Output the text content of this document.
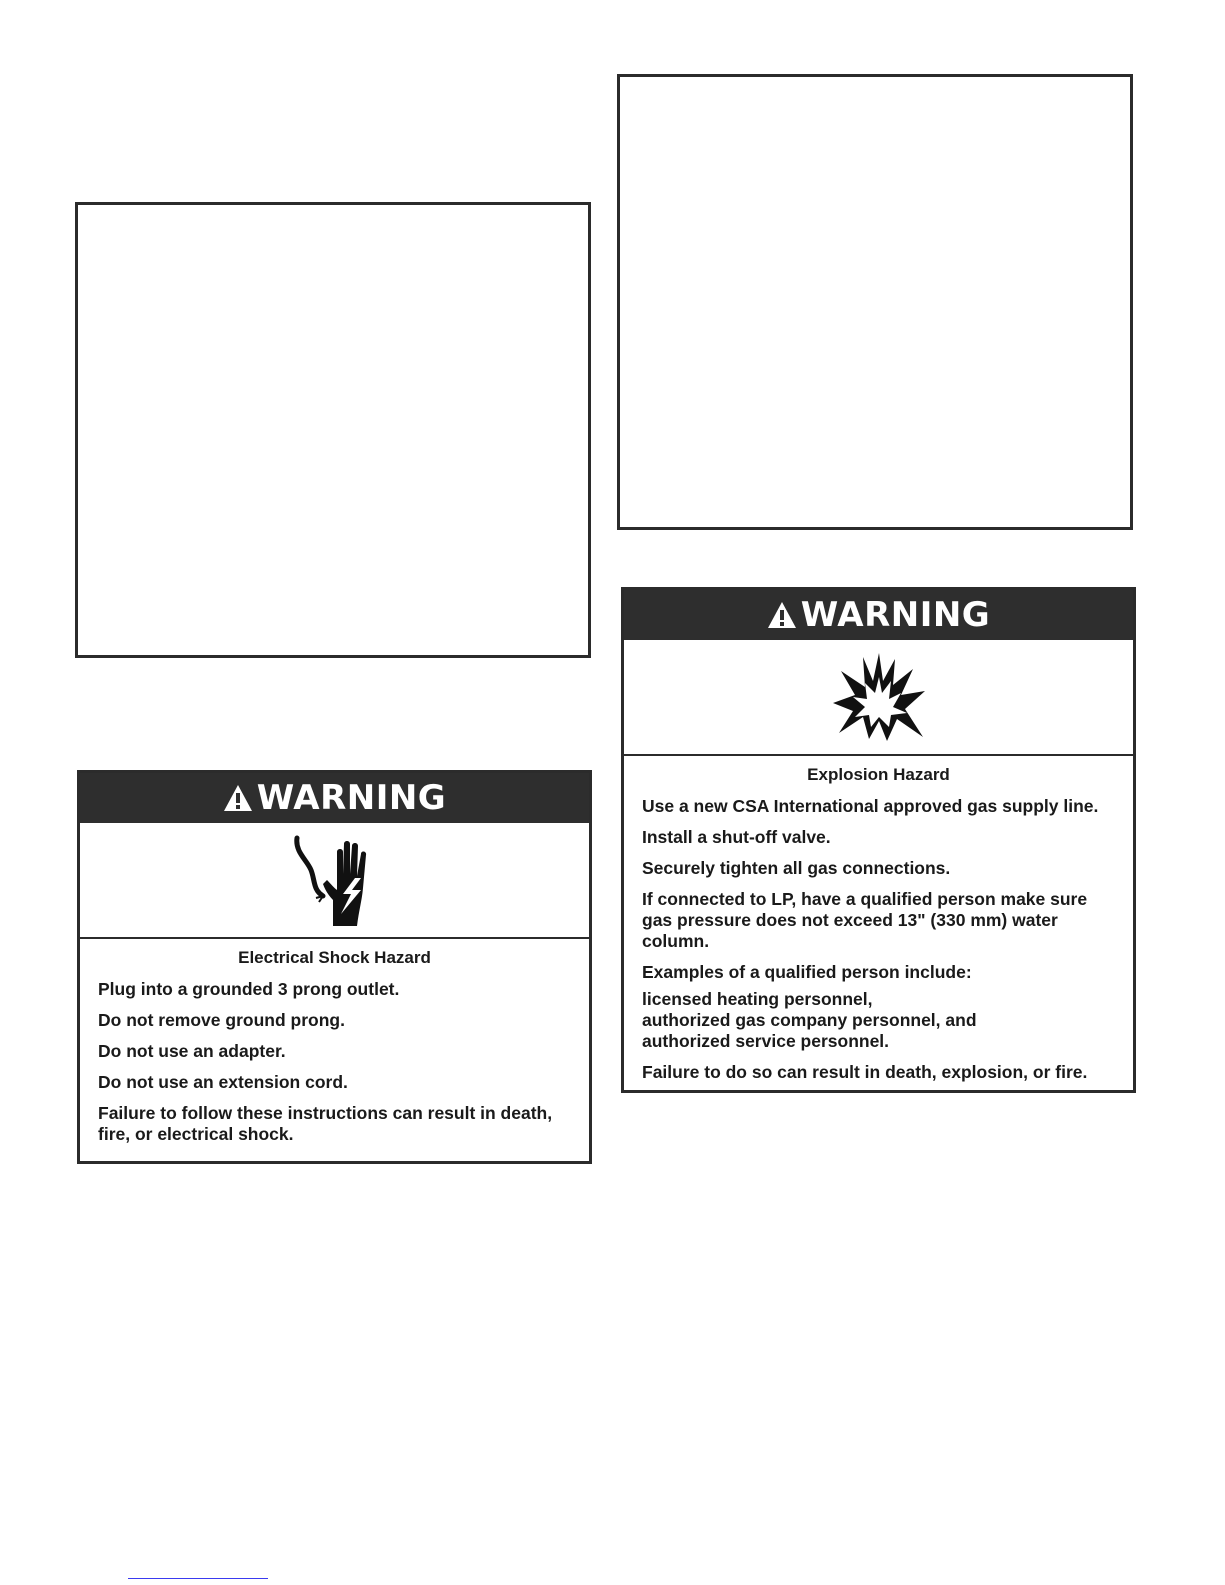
WARNING
Electrical Shock Hazard

Plug into a grounded 3 prong outlet.

Do not remove ground prong.

Do not use an adapter.

Do not use an extension cord.

Failure to follow these instructions can result in death,
fire, or electrical shock.

WARNING
Explosion Hazard

Use a new CSA International approved gas supply line.

Install a shut-off valve.

Securely tighten all gas connections.

If connected to LP, have a qualified person make sure
gas pressure does not exceed 13" (330 mm) water
column.

Examples of a qualified person include:

licensed heating personnel,
authorized gas company personnel, and
authorized service personnel.

Failure to do so can result in death, explosion, or fire.
